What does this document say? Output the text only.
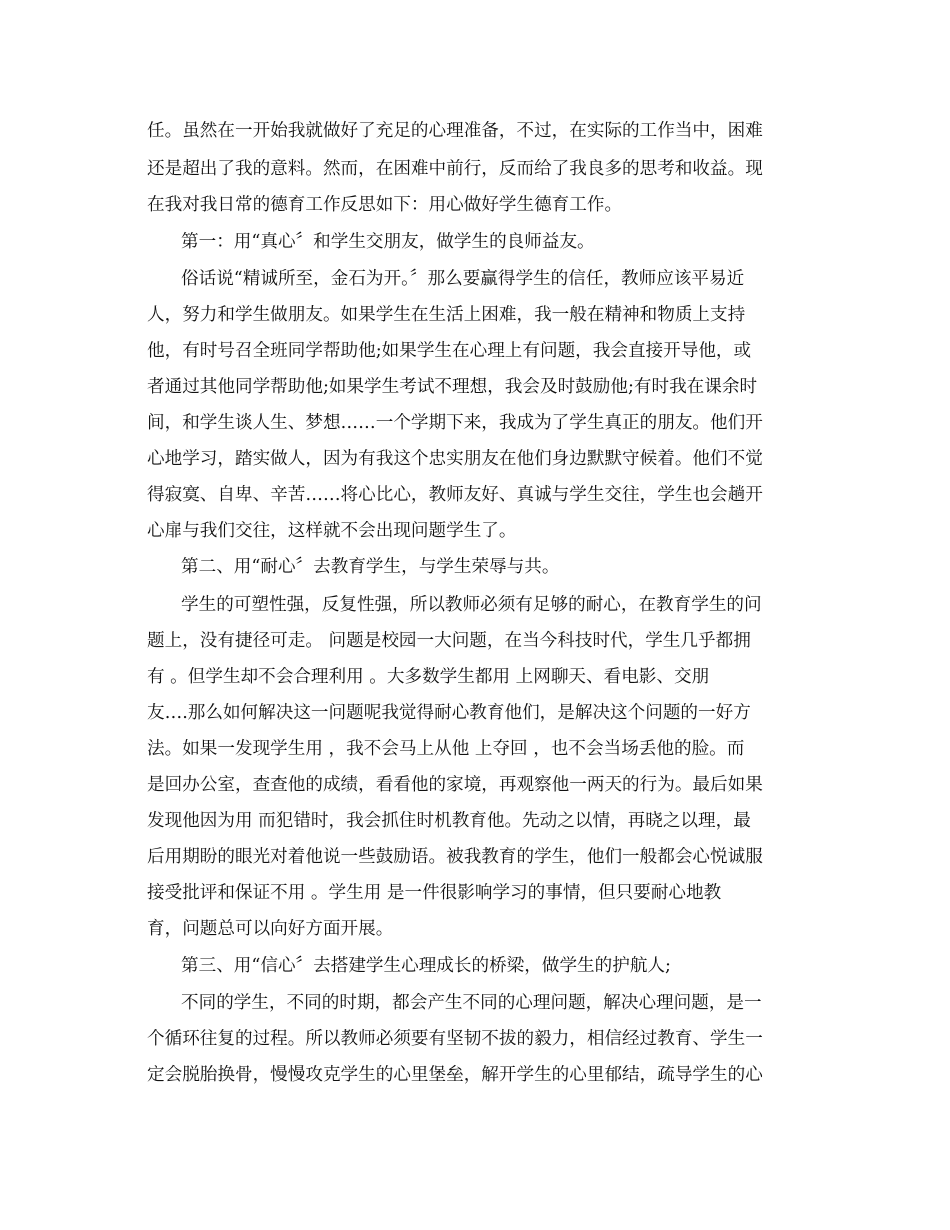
任。虽然在一开始我就做好了充足的心理准备，不过，在实际的工作当中，困难

还是超出了我的意料。然而，在困难中前行，反而给了我良多的思考和收益。现

在我对我日常的德育工作反思如下：用心做好学生德育工作。

第一：用“真心〞和学生交朋友，做学生的良师益友。

俗话说“精诚所至，金石为开。〞那么要赢得学生的信任，教师应该平易近

人，努力和学生做朋友。如果学生在生活上困难，我一般在精神和物质上支持

他，有时号召全班同学帮助他;如果学生在心理上有问题，我会直接开导他，或

者通过其他同学帮助他;如果学生考试不理想，我会及时鼓励他;有时我在课余时

间，和学生谈人生、梦想……一个学期下来，我成为了学生真正的朋友。他们开

心地学习，踏实做人，因为有我这个忠实朋友在他们身边默默守候着。他们不觉

得寂寞、自卑、辛苦……将心比心，教师友好、真诚与学生交往，学生也会趟开

心扉与我们交往，这样就不会出现问题学生了。

第二、用“耐心〞去教育学生，与学生荣辱与共。

学生的可塑性强，反复性强，所以教师必须有足够的耐心，在教育学生的问

题上，没有捷径可走。 问题是校园一大问题，在当今科技时代，学生几乎都拥

有 。但学生却不会合理利用 。大多数学生都用 上网聊天、看电影、交朋

友….那么如何解决这一问题呢我觉得耐心教育他们，是解决这个问题的一好方

法。如果一发现学生用 ，我不会马上从他 上夺回 ，也不会当场丢他的脸。而

是回办公室，查查他的成绩，看看他的家境，再观察他一两天的行为。最后如果

发现他因为用 而犯错时，我会抓住时机教育他。先动之以情，再晓之以理，最

后用期盼的眼光对着他说一些鼓励语。被我教育的学生，他们一般都会心悦诚服

接受批评和保证不用 。学生用 是一件很影响学习的事情，但只要耐心地教

育，问题总可以向好方面开展。

第三、用“信心〞去搭建学生心理成长的桥梁，做学生的护航人;

不同的学生，不同的时期，都会产生不同的心理问题，解决心理问题，是一

个循环往复的过程。所以教师必须要有坚韧不拔的毅力，相信经过教育、学生一

定会脱胎换骨，慢慢攻克学生的心里堡垒，解开学生的心里郁结，疏导学生的心
